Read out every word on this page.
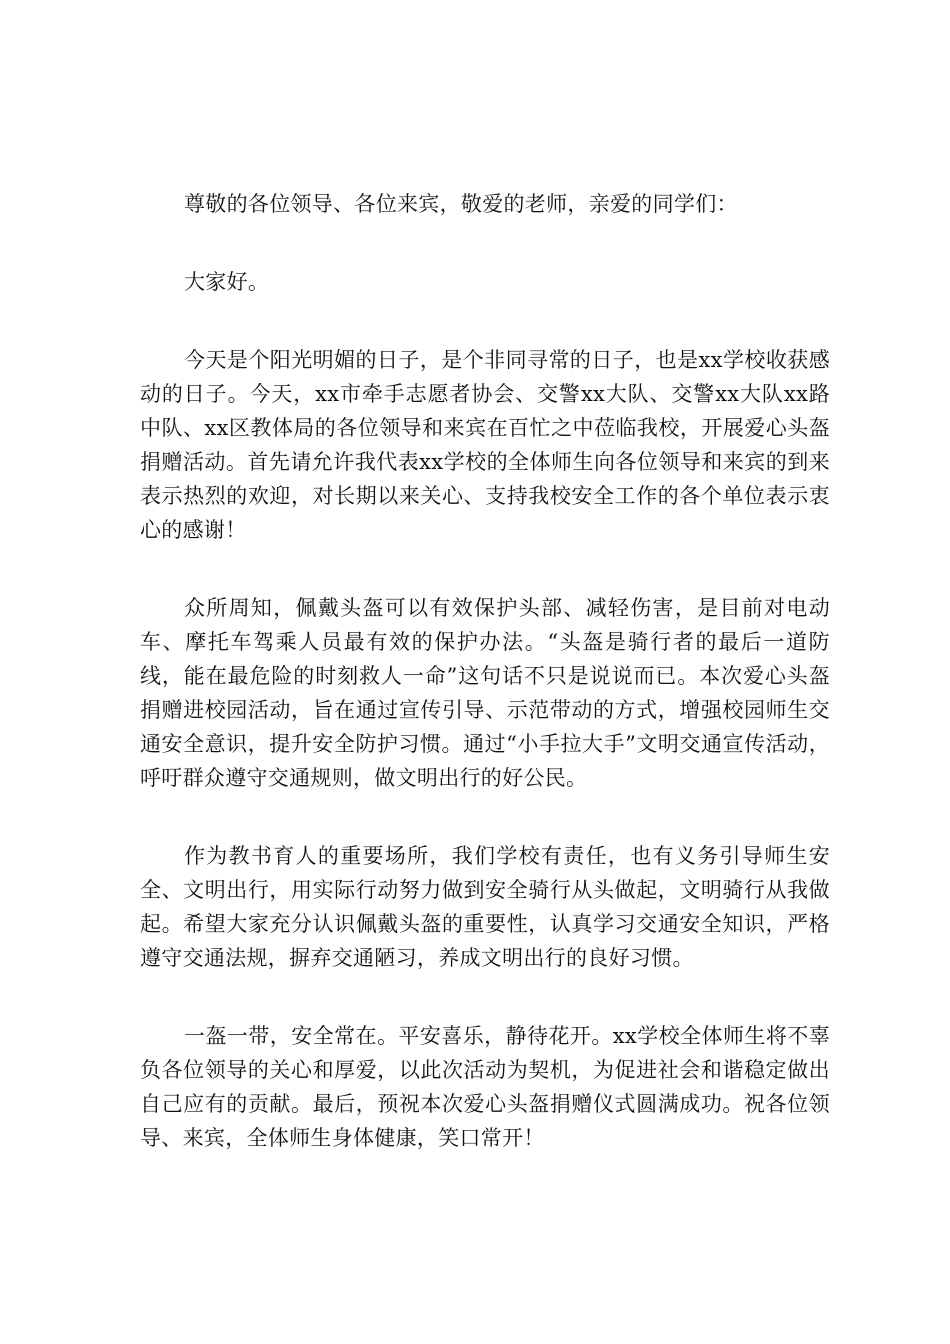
尊敬的各位领导、各位来宾，敬爱的老师，亲爱的同学们：

大家好。

今天是个阳光明媚的日子，是个非同寻常的日子，也是xx学校收获感动的日子。今天，xx市牵手志愿者协会、交警xx大队、交警xx大队xx路中队、xx区教体局的各位领导和来宾在百忙之中莅临我校，开展爱心头盔捐赠活动。首先请允许我代表xx学校的全体师生向各位领导和来宾的到来表示热烈的欢迎，对长期以来关心、支持我校安全工作的各个单位表示衷心的感谢！

众所周知，佩戴头盔可以有效保护头部、减轻伤害，是目前对电动车、摩托车驾乘人员最有效的保护办法。“头盔是骑行者的最后一道防线，能在最危险的时刻救人一命”这句话不只是说说而已。本次爱心头盔捐赠进校园活动，旨在通过宣传引导、示范带动的方式，增强校园师生交通安全意识，提升安全防护习惯。通过“小手拉大手”文明交通宣传活动，呼吁群众遵守交通规则，做文明出行的好公民。

作为教书育人的重要场所，我们学校有责任，也有义务引导师生安全、文明出行，用实际行动努力做到安全骑行从头做起，文明骑行从我做起。希望大家充分认识佩戴头盔的重要性，认真学习交通安全知识，严格遵守交通法规，摒弃交通陋习，养成文明出行的良好习惯。

一盔一带，安全常在。平安喜乐，静待花开。xx学校全体师生将不辜负各位领导的关心和厚爱，以此次活动为契机，为促进社会和谐稳定做出自己应有的贡献。最后，预祝本次爱心头盔捐赠仪式圆满成功。祝各位领导、来宾，全体师生身体健康，笑口常开！
